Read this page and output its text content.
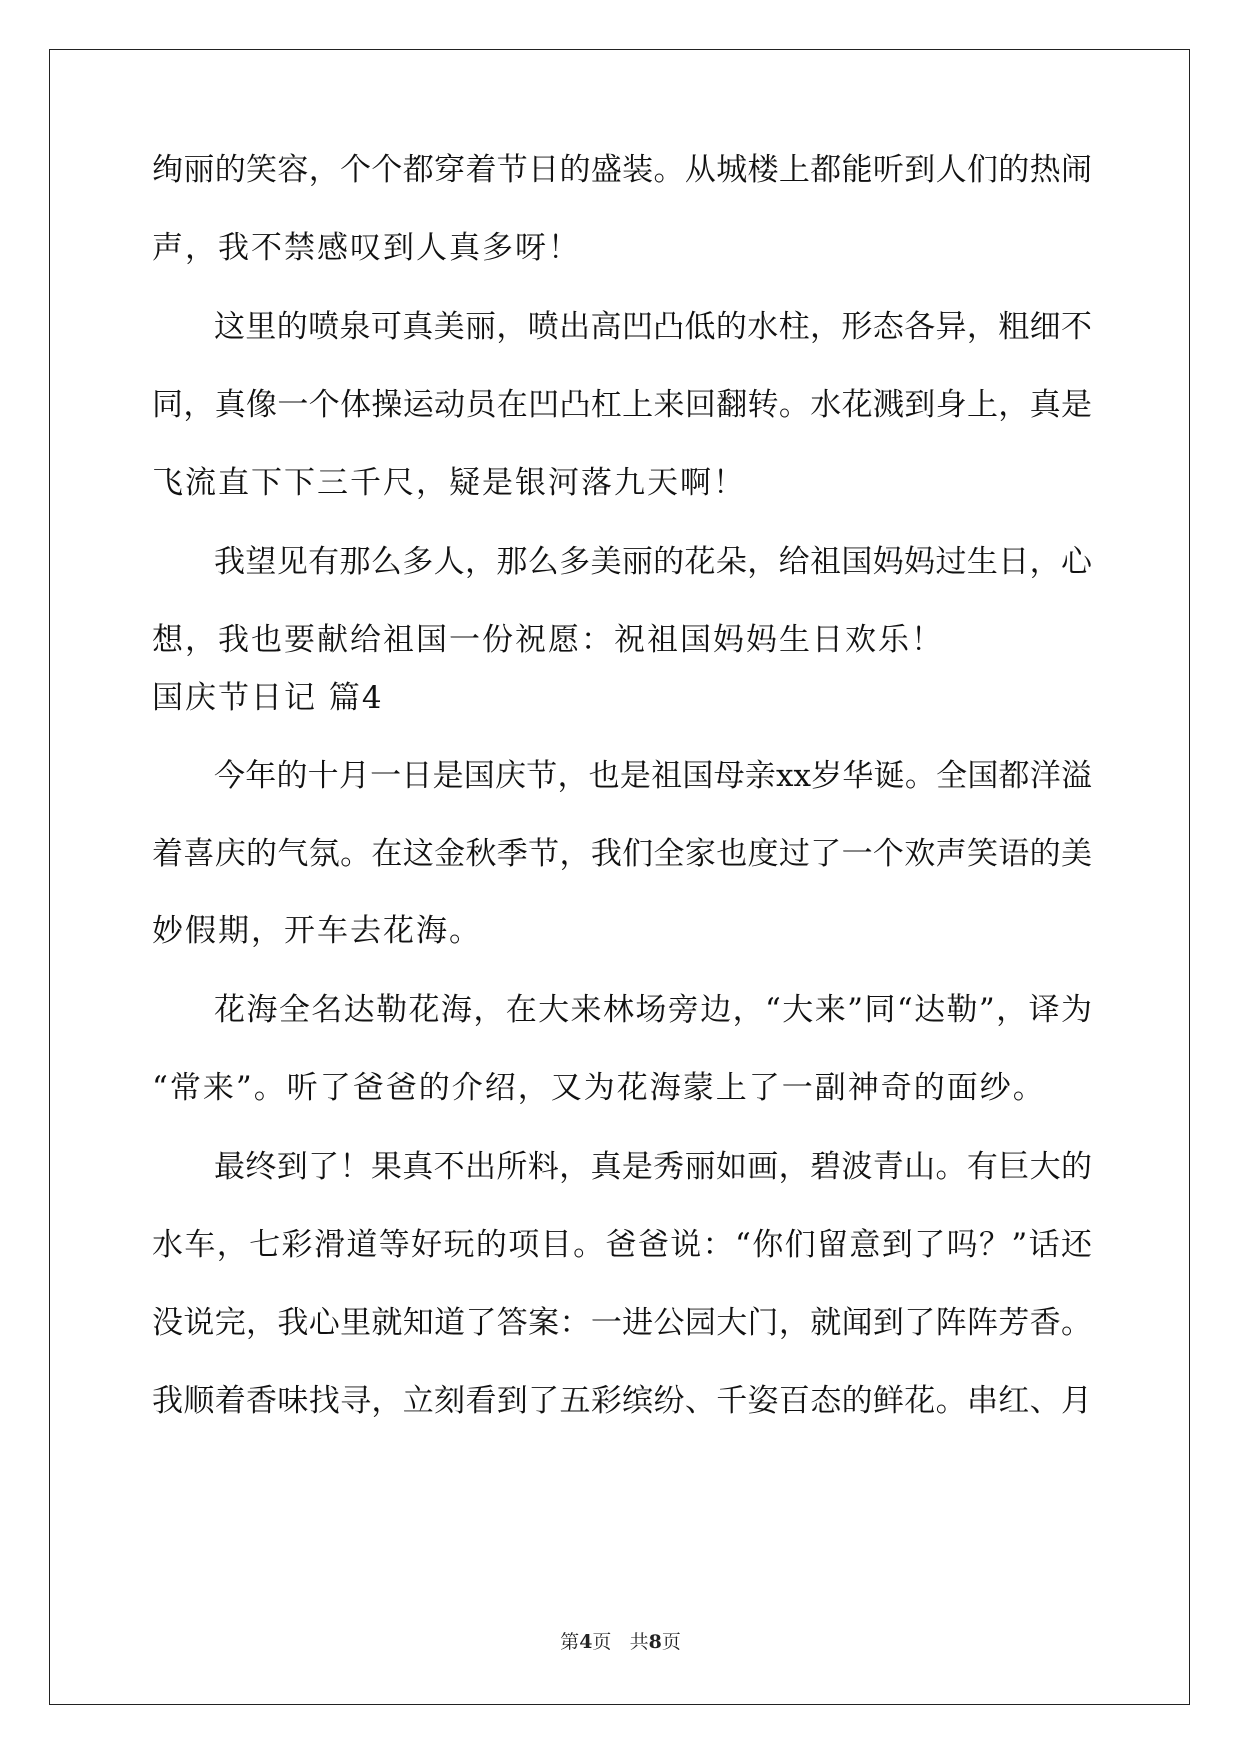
绚丽的笑容，个个都穿着节日的盛装。从城楼上都能听到人们的热闹
声，我不禁感叹到人真多呀！
这里的喷泉可真美丽，喷出高凹凸低的水柱，形态各异，粗细不
同，真像一个体操运动员在凹凸杠上来回翻转。水花溅到身上，真是
飞流直下下三千尺，疑是银河落九天啊！
我望见有那么多人，那么多美丽的花朵，给祖国妈妈过生日，心
想，我也要献给祖国一份祝愿：祝祖国妈妈生日欢乐！
国庆节日记 篇4
今年的十月一日是国庆节，也是祖国母亲xx岁华诞。全国都洋溢
着喜庆的气氛。在这金秋季节，我们全家也度过了一个欢声笑语的美
妙假期，开车去花海。
花海全名达勒花海，在大来林场旁边，“大来”同“达勒”，译为
“常来”。听了爸爸的介绍，又为花海蒙上了一副神奇的面纱。
最终到了！果真不出所料，真是秀丽如画，碧波青山。有巨大的
水车，七彩滑道等好玩的项目。爸爸说：“你们留意到了吗？”话还
没说完，我心里就知道了答案：一进公园大门，就闻到了阵阵芳香。
我顺着香味找寻，立刻看到了五彩缤纷、千姿百态的鲜花。串红、月
第4页 共8页
